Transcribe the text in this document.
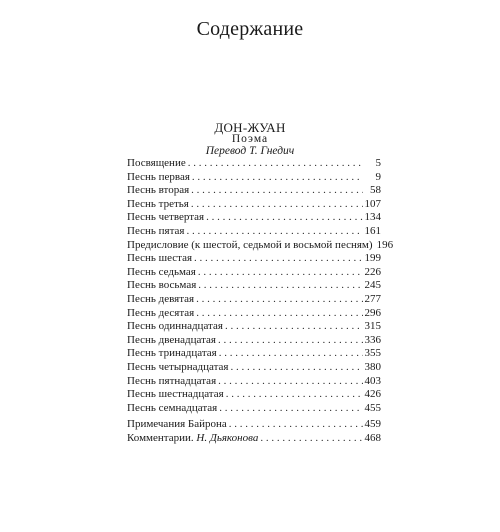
Содержание
ДОН-ЖУАН
Поэма
Перевод Т. Гнедич
Посвящение . . .	5
Песнь первая . . .	9
Песнь вторая . . .	58
Песнь третья . . .	107
Песнь четвертая . . .	134
Песнь пятая . . .	161
Предисловие (к шестой, седьмой и восьмой песням) 196
Песнь шестая . . .	199
Песнь седьмая . . .	226
Песнь восьмая . . .	245
Песнь девятая . . .	277
Песнь десятая . . .	296
Песнь одиннадцатая . . .	315
Песнь двенадцатая . . .	336
Песнь тринадцатая . . .	355
Песнь четырнадцатая . . .	380
Песнь пятнадцатая . . .	403
Песнь шестнадцатая . . .	426
Песнь семнадцатая . . .	455
Примечания Байрона . . .	459
Комментарии. Н. Дьяконова . . .	468
